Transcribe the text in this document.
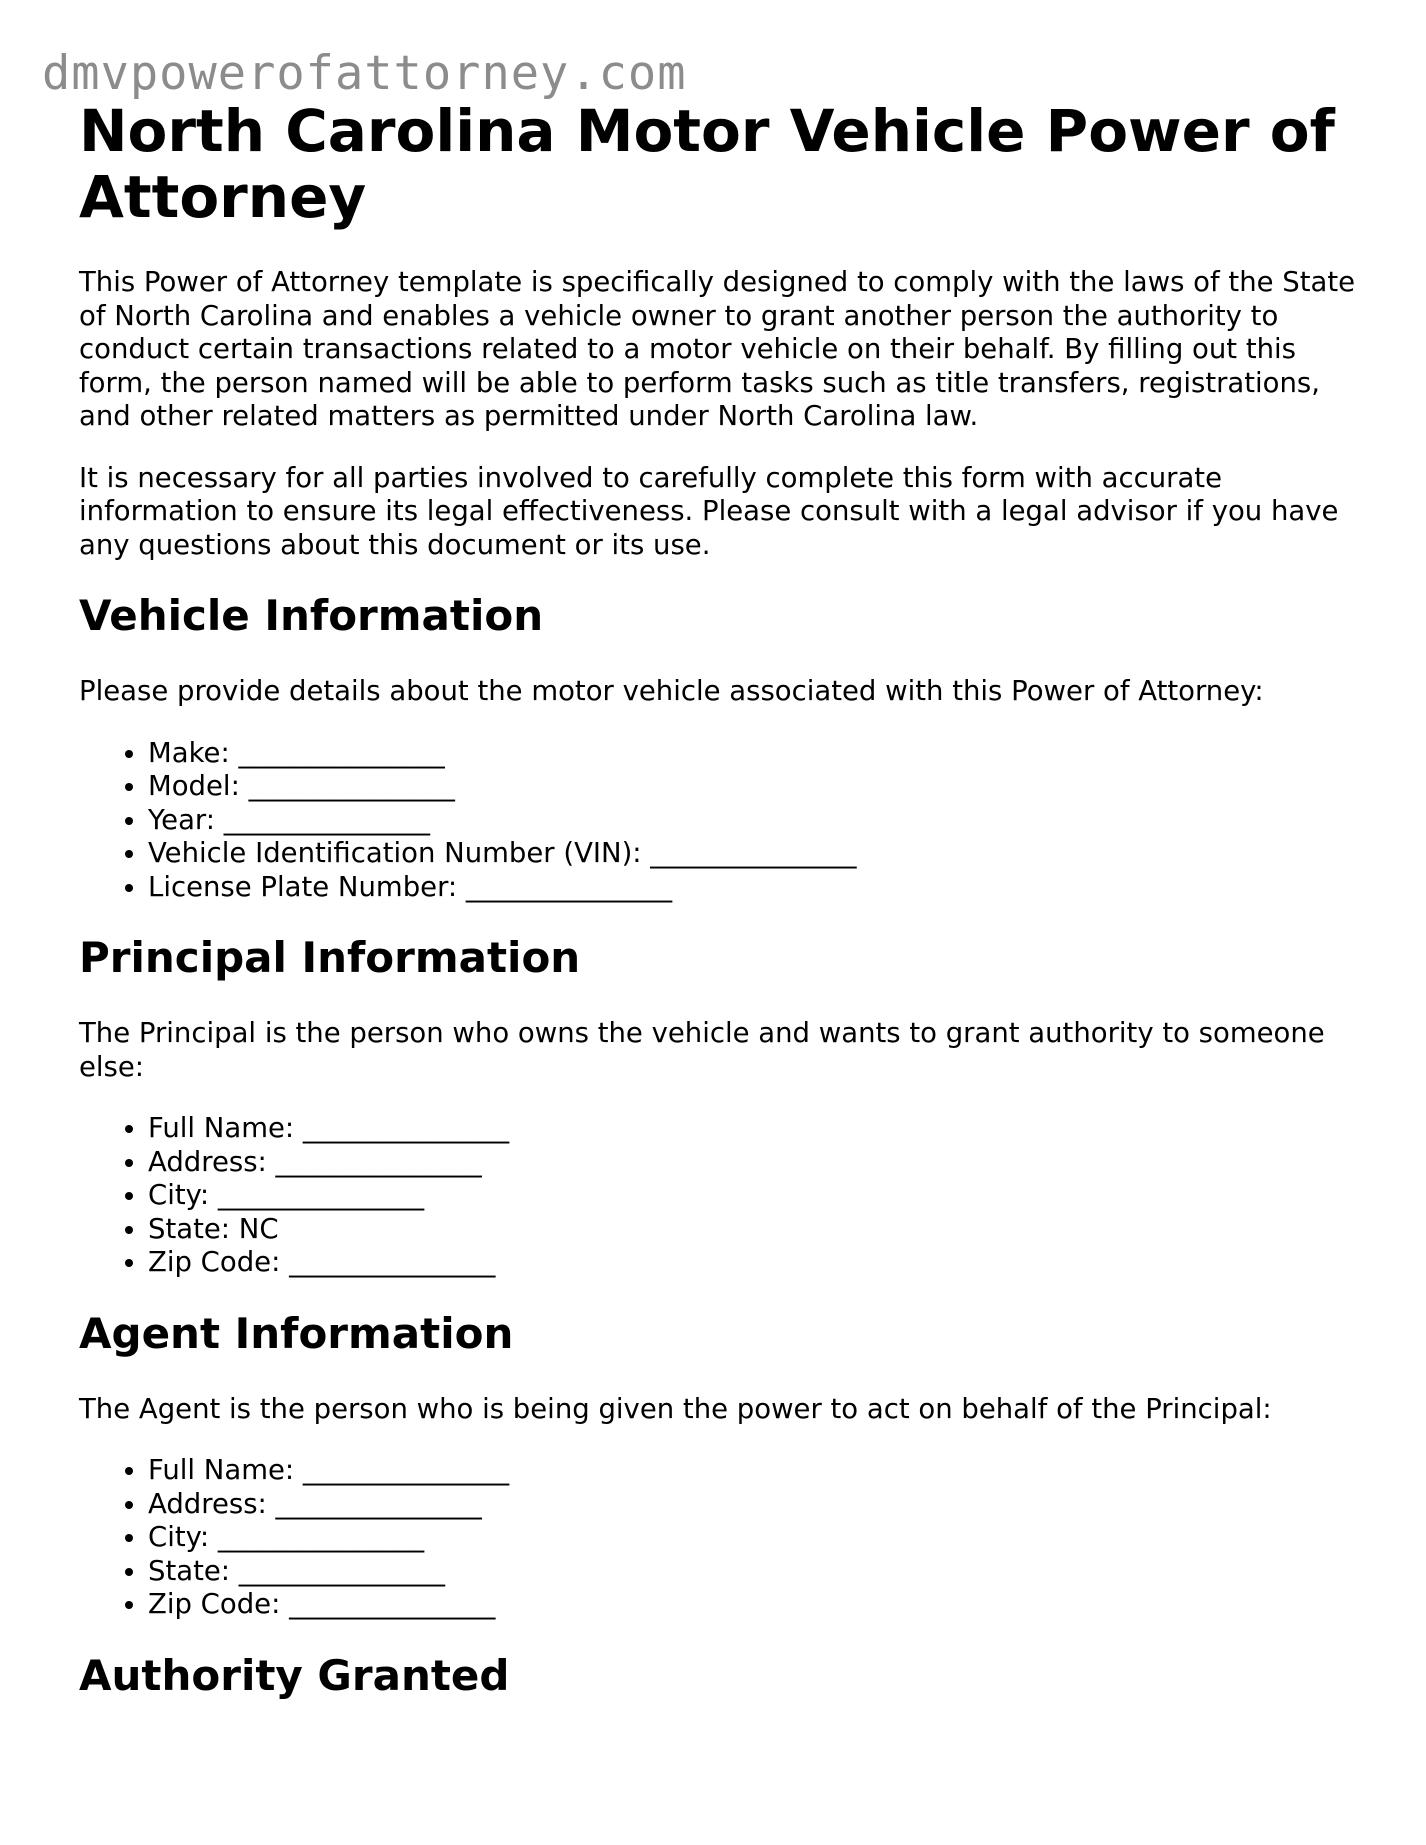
dmvpowerofattorney.com
North Carolina Motor Vehicle Power of Attorney

This Power of Attorney template is specifically designed to comply with the laws of the State of North Carolina and enables a vehicle owner to grant another person the authority to conduct certain transactions related to a motor vehicle on their behalf. By filling out this form, the person named will be able to perform tasks such as title transfers, registrations, and other related matters as permitted under North Carolina law.

It is necessary for all parties involved to carefully complete this form with accurate information to ensure its legal effectiveness. Please consult with a legal advisor if you have any questions about this document or its use.

Vehicle Information

Please provide details about the motor vehicle associated with this Power of Attorney:

• Make: _______________
• Model: _______________
• Year: _______________
• Vehicle Identification Number (VIN): _______________
• License Plate Number: _______________
Principal Information

The Principal is the person who owns the vehicle and wants to grant authority to someone else:

• Full Name: _______________
• Address: _______________
• City: _______________
• State: NC
• Zip Code: _______________
Agent Information

The Agent is the person who is being given the power to act on behalf of the Principal:

• Full Name: _______________
• Address: _______________
• City: _______________
• State: _______________
• Zip Code: _______________
Authority Granted
